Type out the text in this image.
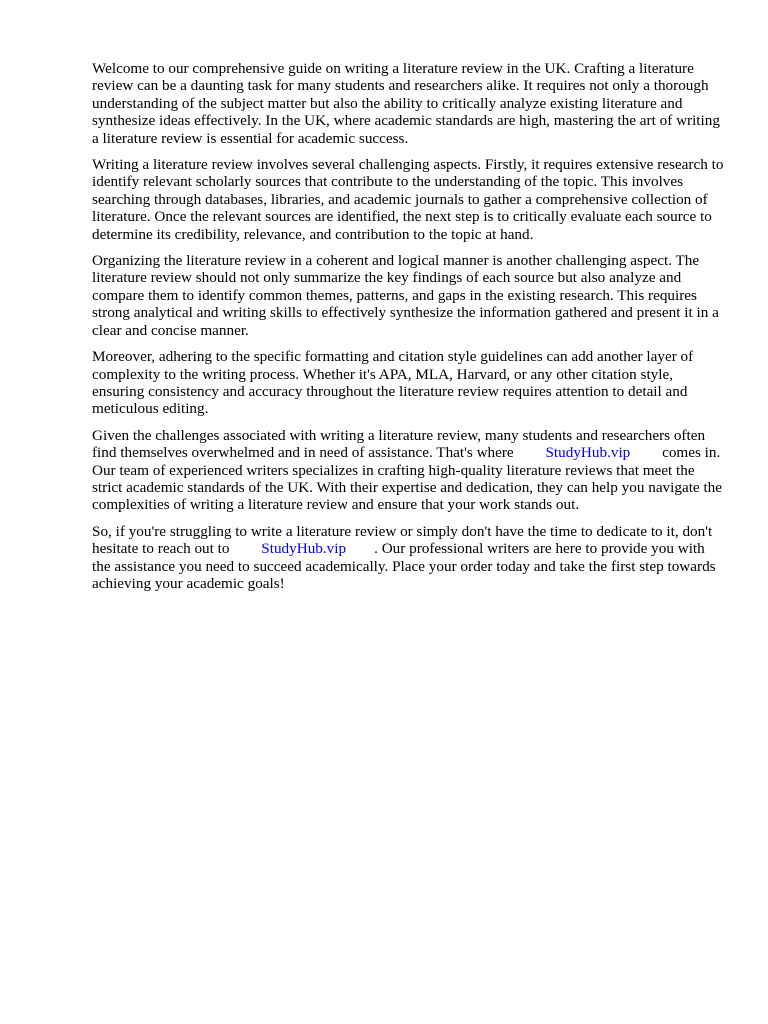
Welcome to our comprehensive guide on writing a literature review in the UK. Crafting a literature review can be a daunting task for many students and researchers alike. It requires not only a thorough understanding of the subject matter but also the ability to critically analyze existing literature and synthesize ideas effectively. In the UK, where academic standards are high, mastering the art of writing a literature review is essential for academic success.

Writing a literature review involves several challenging aspects. Firstly, it requires extensive research to identify relevant scholarly sources that contribute to the understanding of the topic. This involves searching through databases, libraries, and academic journals to gather a comprehensive collection of literature. Once the relevant sources are identified, the next step is to critically evaluate each source to determine its credibility, relevance, and contribution to the topic at hand.

Organizing the literature review in a coherent and logical manner is another challenging aspect. The literature review should not only summarize the key findings of each source but also analyze and compare them to identify common themes, patterns, and gaps in the existing research. This requires strong analytical and writing skills to effectively synthesize the information gathered and present it in a clear and concise manner.

Moreover, adhering to the specific formatting and citation style guidelines can add another layer of complexity to the writing process. Whether it's APA, MLA, Harvard, or any other citation style, ensuring consistency and accuracy throughout the literature review requires attention to detail and meticulous editing.

Given the challenges associated with writing a literature review, many students and researchers often find themselves overwhelmed and in need of assistance. That's where StudyHub.vip comes in. Our team of experienced writers specializes in crafting high-quality literature reviews that meet the strict academic standards of the UK. With their expertise and dedication, they can help you navigate the complexities of writing a literature review and ensure that your work stands out.

So, if you're struggling to write a literature review or simply don't have the time to dedicate to it, don't hesitate to reach out to StudyHub.vip . Our professional writers are here to provide you with the assistance you need to succeed academically. Place your order today and take the first step towards achieving your academic goals!
